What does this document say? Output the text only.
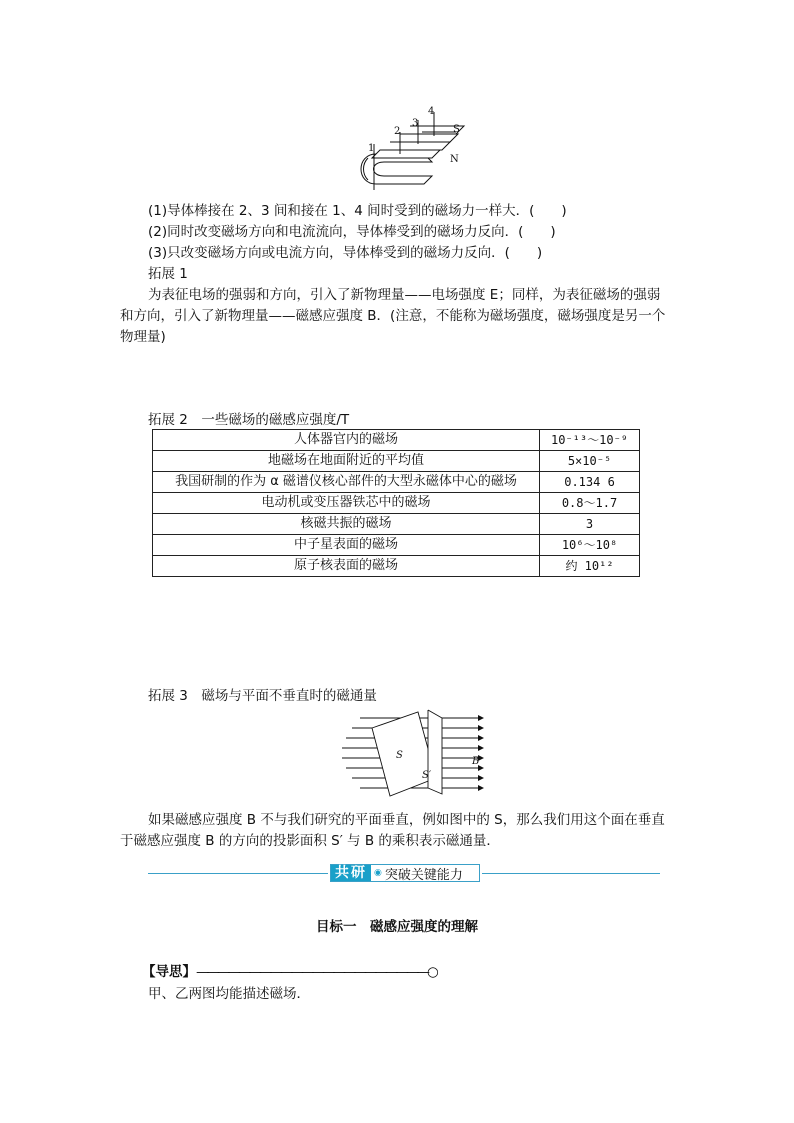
1
2
3
4
S
N
(1)导体棒接在 2、3 间和接在 1、4 间时受到的磁场力一样大．(　　)
(2)同时改变磁场方向和电流流向，导体棒受到的磁场力反向．(　　)
(3)只改变磁场方向或电流方向，导体棒受到的磁场力反向．(　　)
拓展 1
为表征电场的强弱和方向，引入了新物理量——电场强度 E；同样，为表征磁场的强弱
和方向，引入了新物理量——磁感应强度 B．(注意，不能称为磁场强度，磁场强度是另一个
物理量)
拓展 2　一些磁场的磁感应强度/T
人体器官内的磁场	10⁻¹³～10⁻⁹
地磁场在地面附近的平均值	5×10⁻⁵
我国研制的作为 α 磁谱仪核心部件的大型永磁体中心的磁场	0.134 6
电动机或变压器铁芯中的磁场	0.8～1.7
核磁共振的磁场	3
中子星表面的磁场	10⁶～10⁸
原子核表面的磁场	约 10¹²
拓展 3　磁场与平面不垂直时的磁通量
S
S′
B
如果磁感应强度 B 不与我们研究的平面垂直，例如图中的 S，那么我们用这个面在垂直
于磁感应强度 B 的方向的投影面积 S′ 与 B 的乘积表示磁通量．
共研 ◉ 突破关键能力
目标一　磁感应强度的理解
【导思】——————————————————————○
甲、乙两图均能描述磁场．
